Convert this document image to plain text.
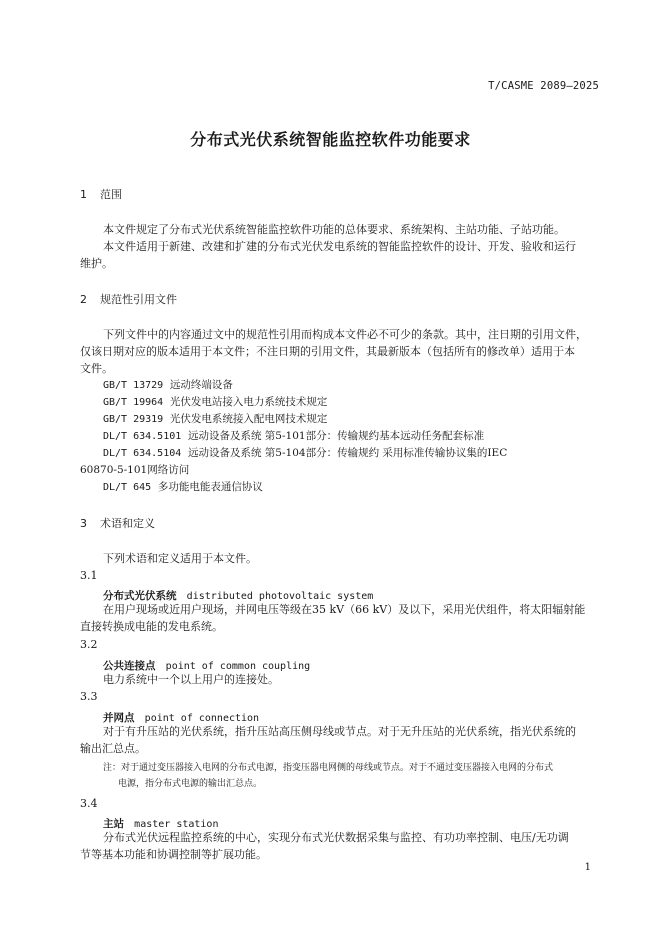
T/CASME 2089—2025
分布式光伏系统智能监控软件功能要求
1 范围
本文件规定了分布式光伏系统智能监控软件功能的总体要求、系统架构、主站功能、子站功能。
本文件适用于新建、改建和扩建的分布式光伏发电系统的智能监控软件的设计、开发、验收和运行
维护。
2 规范性引用文件
下列文件中的内容通过文中的规范性引用而构成本文件必不可少的条款。其中，注日期的引用文件，
仅该日期对应的版本适用于本文件；不注日期的引用文件，其最新版本（包括所有的修改单）适用于本
文件。
GB/T 13729 远动终端设备
GB/T 19964 光伏发电站接入电力系统技术规定
GB/T 29319 光伏发电系统接入配电网技术规定
DL/T 634.5101 远动设备及系统 第5-101部分：传输规约基本远动任务配套标准
DL/T 634.5104 远动设备及系统 第5-104部分：传输规约 采用标准传输协议集的IEC
60870-5-101网络访问
DL/T 645 多功能电能表通信协议
3 术语和定义
下列术语和定义适用于本文件。
3.1
分布式光伏系统 distributed photovoltaic system
在用户现场或近用户现场，并网电压等级在35 kV（66 kV）及以下，采用光伏组件，将太阳辐射能
直接转换成电能的发电系统。
3.2
公共连接点 point of common coupling
电力系统中一个以上用户的连接处。
3.3
并网点 point of connection
对于有升压站的光伏系统，指升压站高压侧母线或节点。对于无升压站的光伏系统，指光伏系统的
输出汇总点。
注：对于通过变压器接入电网的分布式电源，指变压器电网侧的母线或节点。对于不通过变压器接入电网的分布式
电源，指分布式电源的输出汇总点。
3.4
主站 master station
分布式光伏远程监控系统的中心，实现分布式光伏数据采集与监控、有功功率控制、电压/无功调
节等基本功能和协调控制等扩展功能。
1
